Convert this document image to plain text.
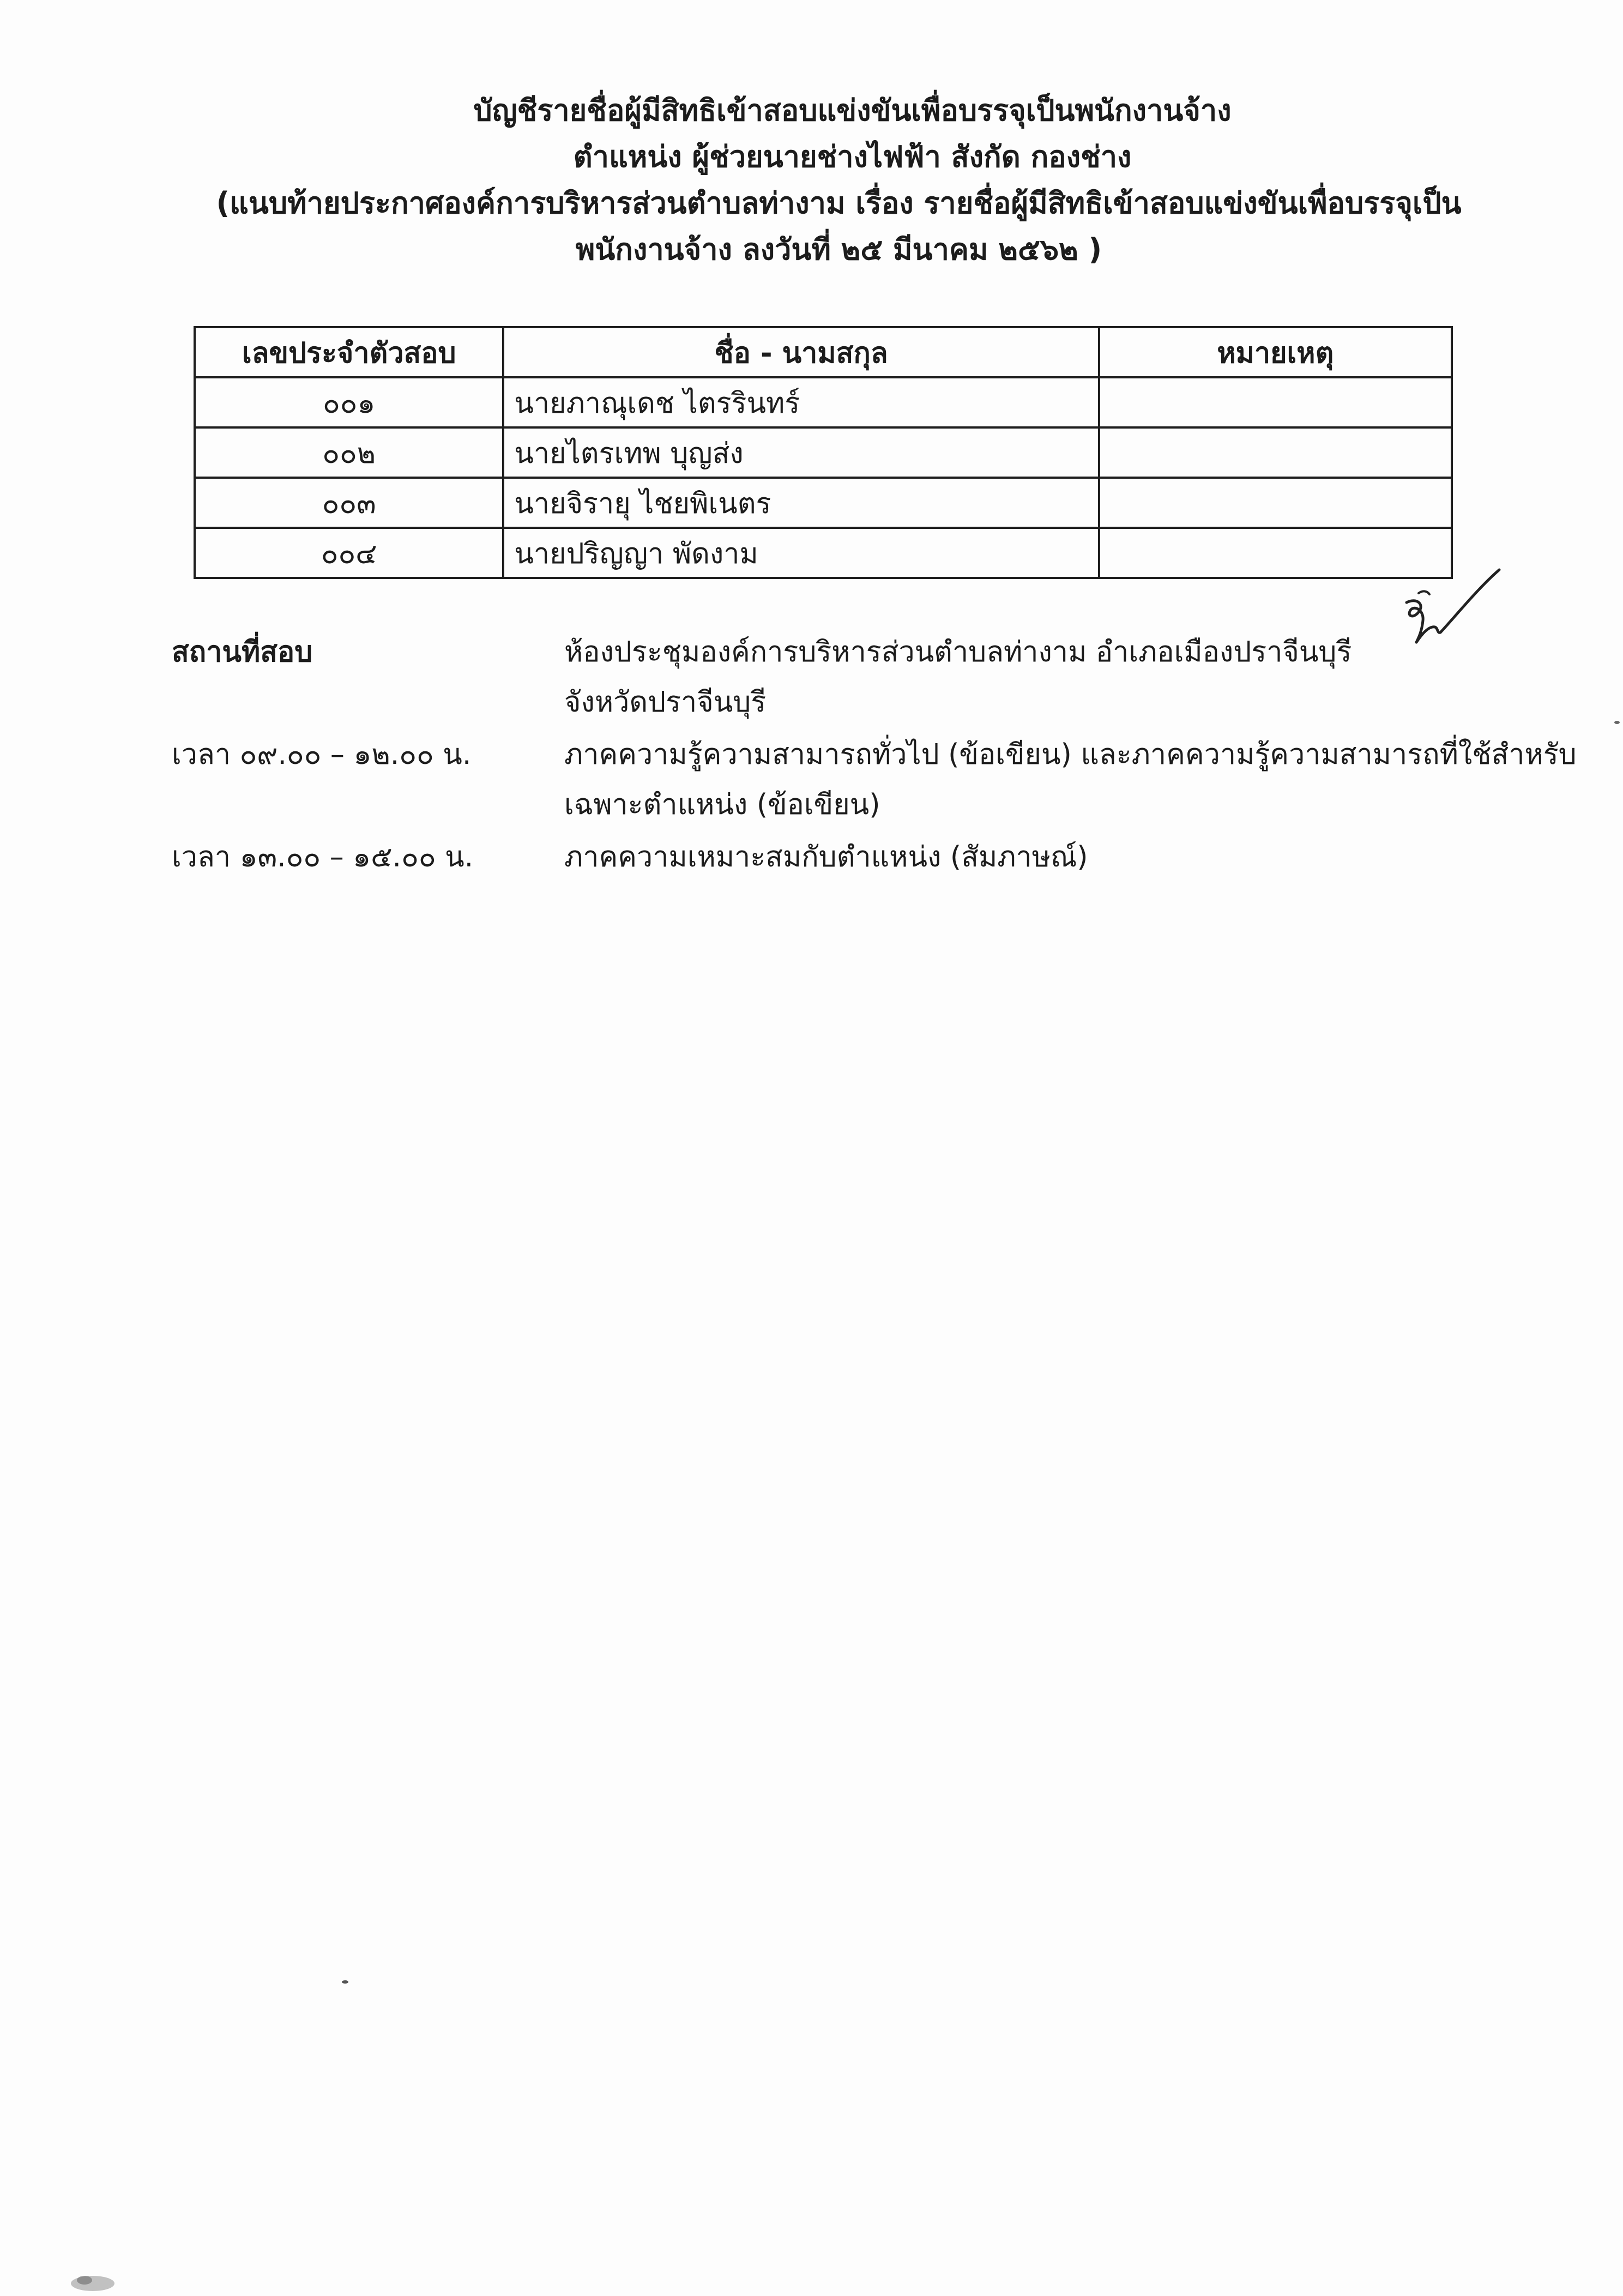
บัญชีรายชื่อผู้มีสิทธิเข้าสอบแข่งขันเพื่อบรรจุเป็นพนักงานจ้าง
ตำแหน่ง ผู้ช่วยนายช่างไฟฟ้า สังกัด กองช่าง
(แนบท้ายประกาศองค์การบริหารส่วนตำบลท่างาม เรื่อง รายชื่อผู้มีสิทธิเข้าสอบแข่งขันเพื่อบรรจุเป็น
พนักงานจ้าง ลงวันที่ ๒๕ มีนาคม ๒๕๖๒ )
เลขประจำตัวสอบ	ชื่อ - นามสกุล	หมายเหตุ
๐๐๑	นายภาณุเดช ไตรรินทร์	
๐๐๒	นายไตรเทพ บุญส่ง	
๐๐๓	นายจิรายุ ไชยพิเนตร	
๐๐๔	นายปริญญา พัดงาม	
สถานที่สอบ	ห้องประชุมองค์การบริหารส่วนตำบลท่างาม อำเภอเมืองปราจีนบุรี
จังหวัดปราจีนบุรี
เวลา ๐๙.๐๐ – ๑๒.๐๐ น.	ภาคความรู้ความสามารถทั่วไป (ข้อเขียน) และภาคความรู้ความสามารถที่ใช้สำหรับ
เฉพาะตำแหน่ง (ข้อเขียน)
เวลา ๑๓.๐๐ – ๑๕.๐๐ น.	ภาคความเหมาะสมกับตำแหน่ง (สัมภาษณ์)
